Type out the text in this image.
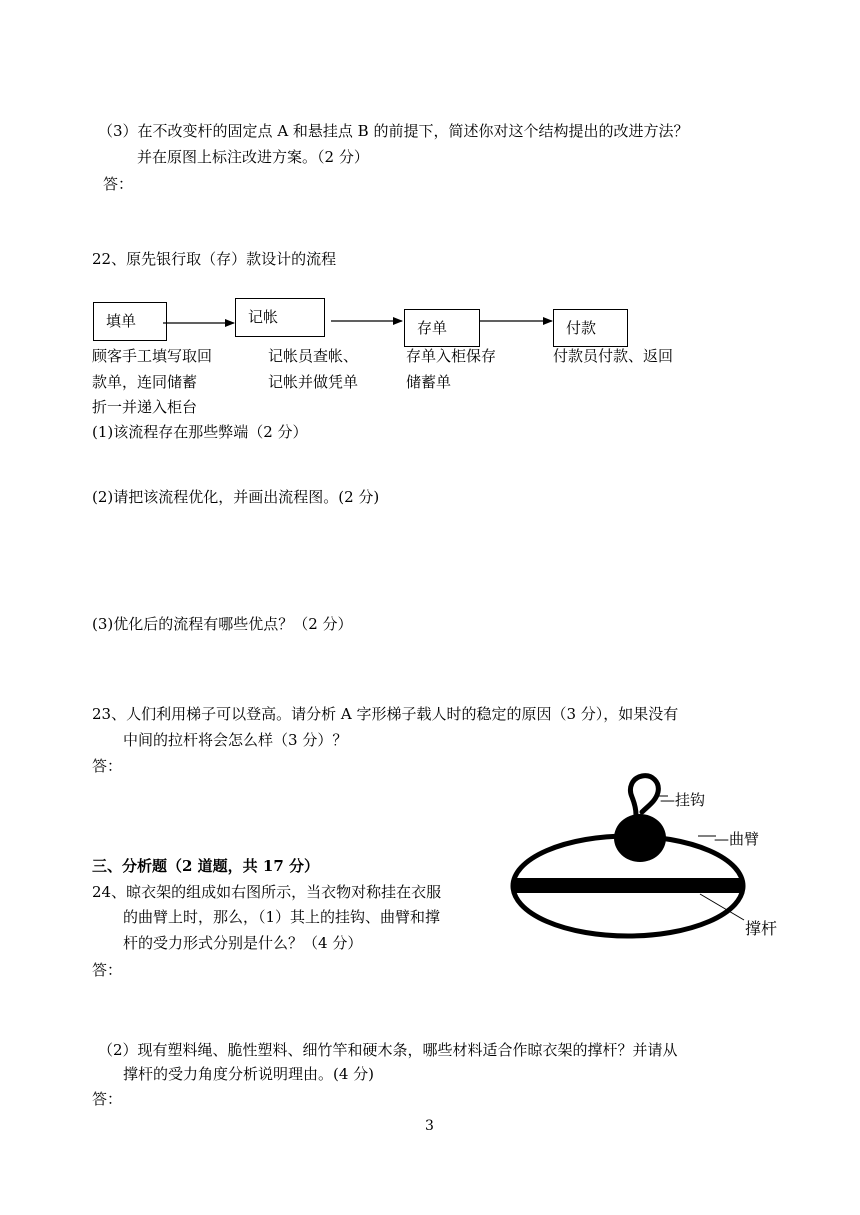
（3）在不改变杆的固定点 A 和悬挂点 B 的前提下，简述你对这个结构提出的改进方法？
并在原图上标注改进方案。（2 分）
答：
22、原先银行取（存）款设计的流程
填单	记帐
存单	付款
顾客手工填写取回
款单，连同储蓄
折一并递入柜台
记帐员查帐、
记帐并做凭单
存单入柜保存
储蓄单
付款员付款、返回
(1)该流程存在那些弊端（2 分）
(2)请把该流程优化，并画出流程图。(2 分)
(3)优化后的流程有哪些优点？（2 分）
23、人们利用梯子可以登高。请分析 A 字形梯子载人时的稳定的原因（3 分），如果没有
中间的拉杆将会怎么样（3 分）？
答：
三、分析题（2 道题，共 17 分）
24、晾衣架的组成如右图所示，当衣物对称挂在衣服
的曲臂上时，那么，（1）其上的挂钩、曲臂和撑
杆的受力形式分别是什么？（4 分）
答：
—挂钩
—曲臂
撑杆
（2）现有塑料绳、脆性塑料、细竹竿和硬木条，哪些材料适合作晾衣架的撑杆？并请从
撑杆的受力角度分析说明理由。(4 分)
答：
3
